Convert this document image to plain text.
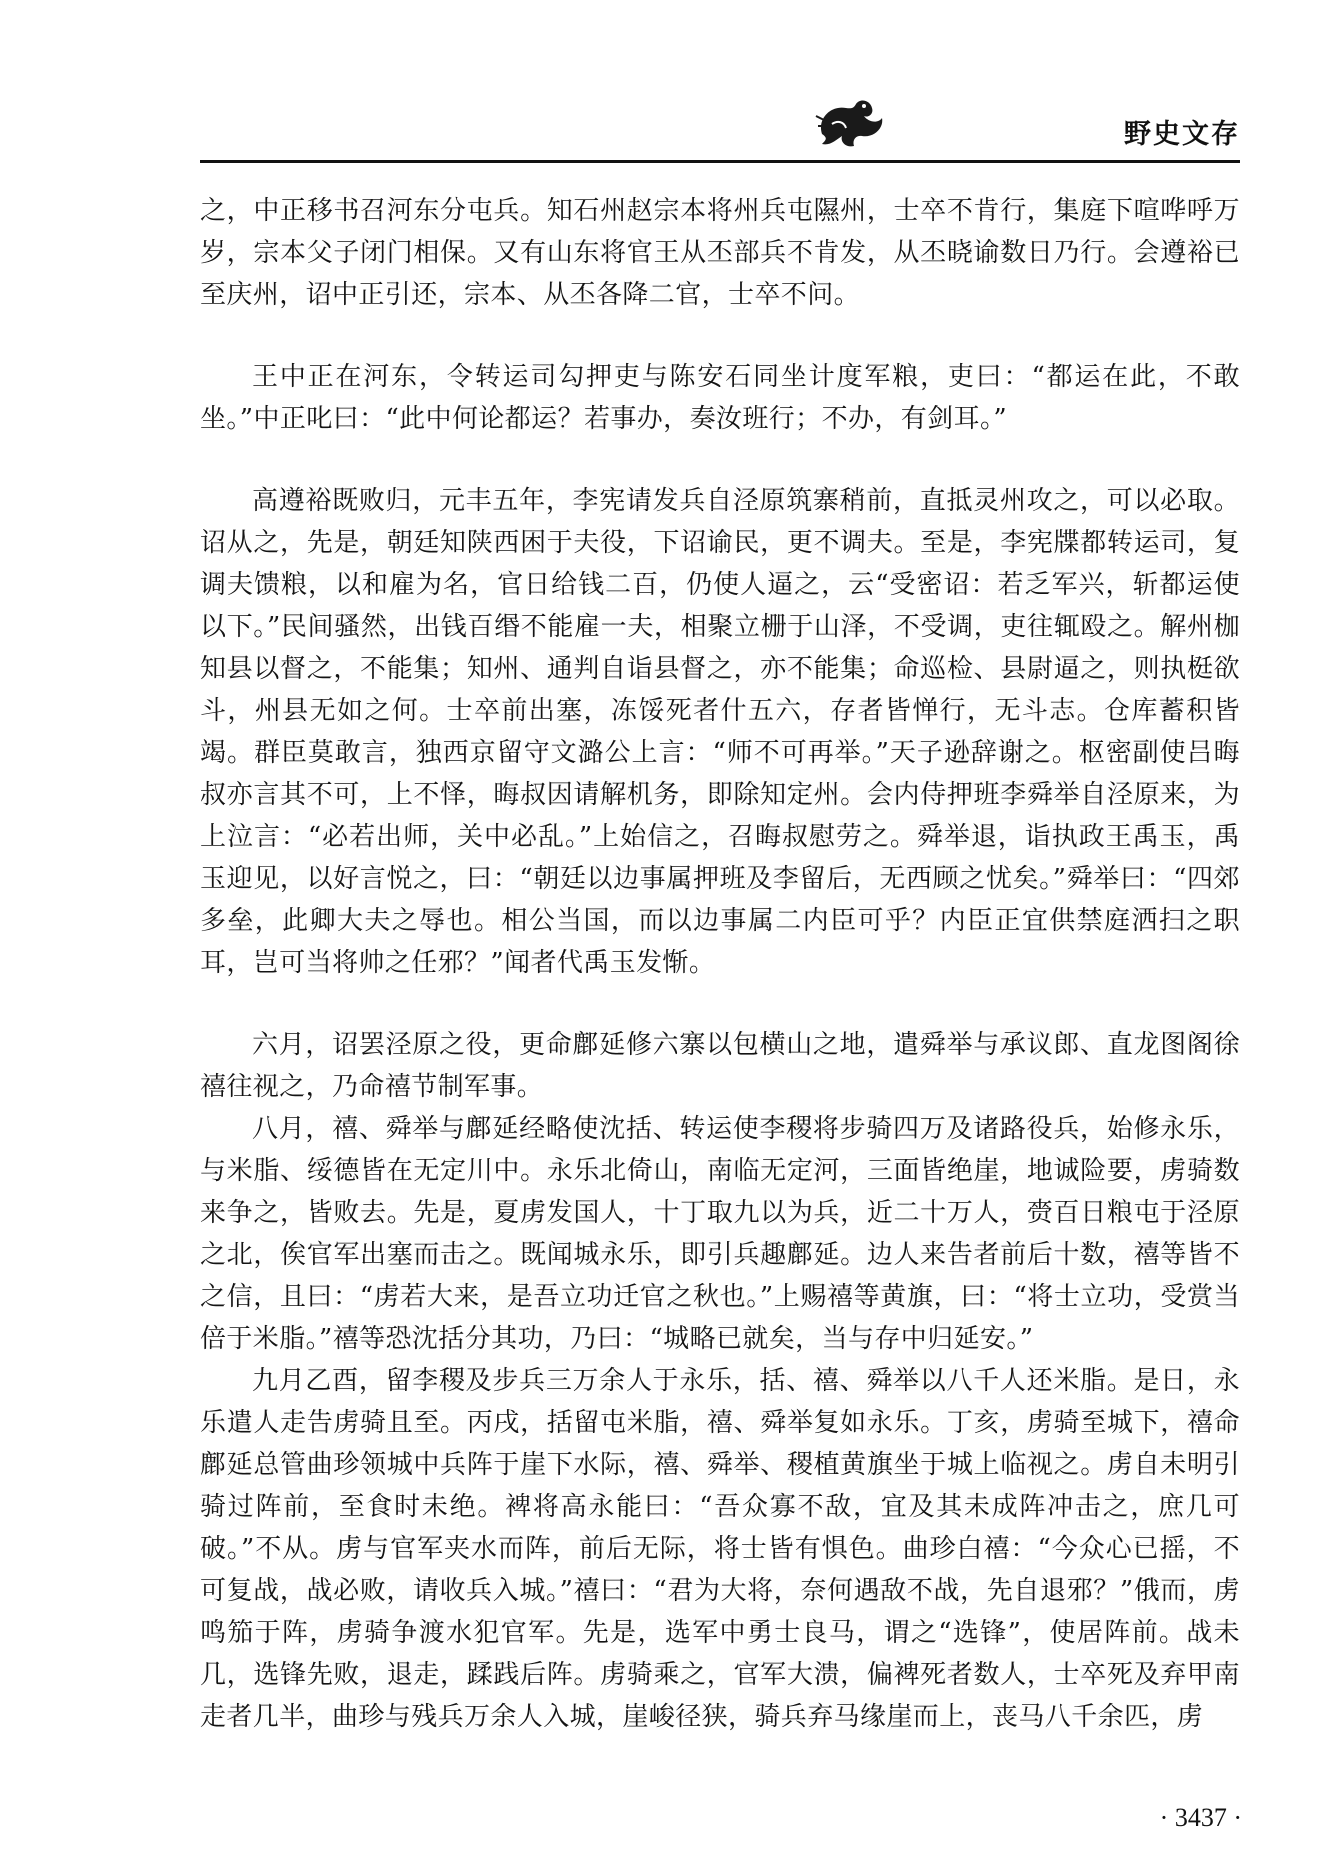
野史文存

之，中正移书召河东分屯兵。知石州赵宗本将州兵屯隰州，士卒不肯行，集庭下喧哗呼万岁，宗本父子闭门相保。又有山东将官王从丕部兵不肯发，从丕晓谕数日乃行。会遵裕已至庆州，诏中正引还，宗本、从丕各降二官，士卒不问。

王中正在河东，令转运司勾押吏与陈安石同坐计度军粮，吏曰：“都运在此，不敢坐。”中正叱曰：“此中何论都运？若事办，奏汝班行；不办，有剑耳。”

高遵裕既败归，元丰五年，李宪请发兵自泾原筑寨稍前，直抵灵州攻之，可以必取。诏从之，先是，朝廷知陕西困于夫役，下诏谕民，更不调夫。至是，李宪牒都转运司，复调夫馈粮，以和雇为名，官日给钱二百，仍使人逼之，云“受密诏：若乏军兴，斩都运使以下。”民间骚然，出钱百缗不能雇一夫，相聚立栅于山泽，不受调，吏往辄殴之。解州枷知县以督之，不能集；知州、通判自诣县督之，亦不能集；命巡检、县尉逼之，则执梃欲斗，州县无如之何。士卒前出塞，冻馁死者什五六，存者皆惮行，无斗志。仓库蓄积皆竭。群臣莫敢言，独西京留守文潞公上言：“师不可再举。”天子逊辞谢之。枢密副使吕晦叔亦言其不可，上不怿，晦叔因请解机务，即除知定州。会内侍押班李舜举自泾原来，为上泣言：“必若出师，关中必乱。”上始信之，召晦叔慰劳之。舜举退，诣执政王禹玉，禹玉迎见，以好言悦之，曰：“朝廷以边事属押班及李留后，无西顾之忧矣。”舜举曰：“四郊多垒，此卿大夫之辱也。相公当国，而以边事属二内臣可乎？内臣正宜供禁庭洒扫之职耳，岂可当将帅之任邪？”闻者代禹玉发惭。

六月，诏罢泾原之役，更命鄜延修六寨以包横山之地，遣舜举与承议郎、直龙图阁徐禧往视之，乃命禧节制军事。

八月，禧、舜举与鄜延经略使沈括、转运使李稷将步骑四万及诸路役兵，始修永乐，与米脂、绥德皆在无定川中。永乐北倚山，南临无定河，三面皆绝崖，地诚险要，虏骑数来争之，皆败去。先是，夏虏发国人，十丁取九以为兵，近二十万人，赍百日粮屯于泾原之北，俟官军出塞而击之。既闻城永乐，即引兵趣鄜延。边人来告者前后十数，禧等皆不之信，且曰：“虏若大来，是吾立功迁官之秋也。”上赐禧等黄旗，曰：“将士立功，受赏当倍于米脂。”禧等恐沈括分其功，乃曰：“城略已就矣，当与存中归延安。”

九月乙酉，留李稷及步兵三万余人于永乐，括、禧、舜举以八千人还米脂。是日，永乐遣人走告虏骑且至。丙戌，括留屯米脂，禧、舜举复如永乐。丁亥，虏骑至城下，禧命鄜延总管曲珍领城中兵阵于崖下水际，禧、舜举、稷植黄旗坐于城上临视之。虏自未明引骑过阵前，至食时未绝。裨将高永能曰：“吾众寡不敌，宜及其未成阵冲击之，庶几可破。”不从。虏与官军夹水而阵，前后无际，将士皆有惧色。曲珍白禧：“今众心已摇，不可复战，战必败，请收兵入城。”禧曰：“君为大将，奈何遇敌不战，先自退邪？”俄而，虏鸣笳于阵，虏骑争渡水犯官军。先是，选军中勇士良马，谓之“选锋”，使居阵前。战未几，选锋先败，退走，蹂践后阵。虏骑乘之，官军大溃，偏裨死者数人，士卒死及弃甲南走者几半，曲珍与残兵万余人入城，崖峻径狭，骑兵弃马缘崖而上，丧马八千余匹，虏

· 3437 ·
